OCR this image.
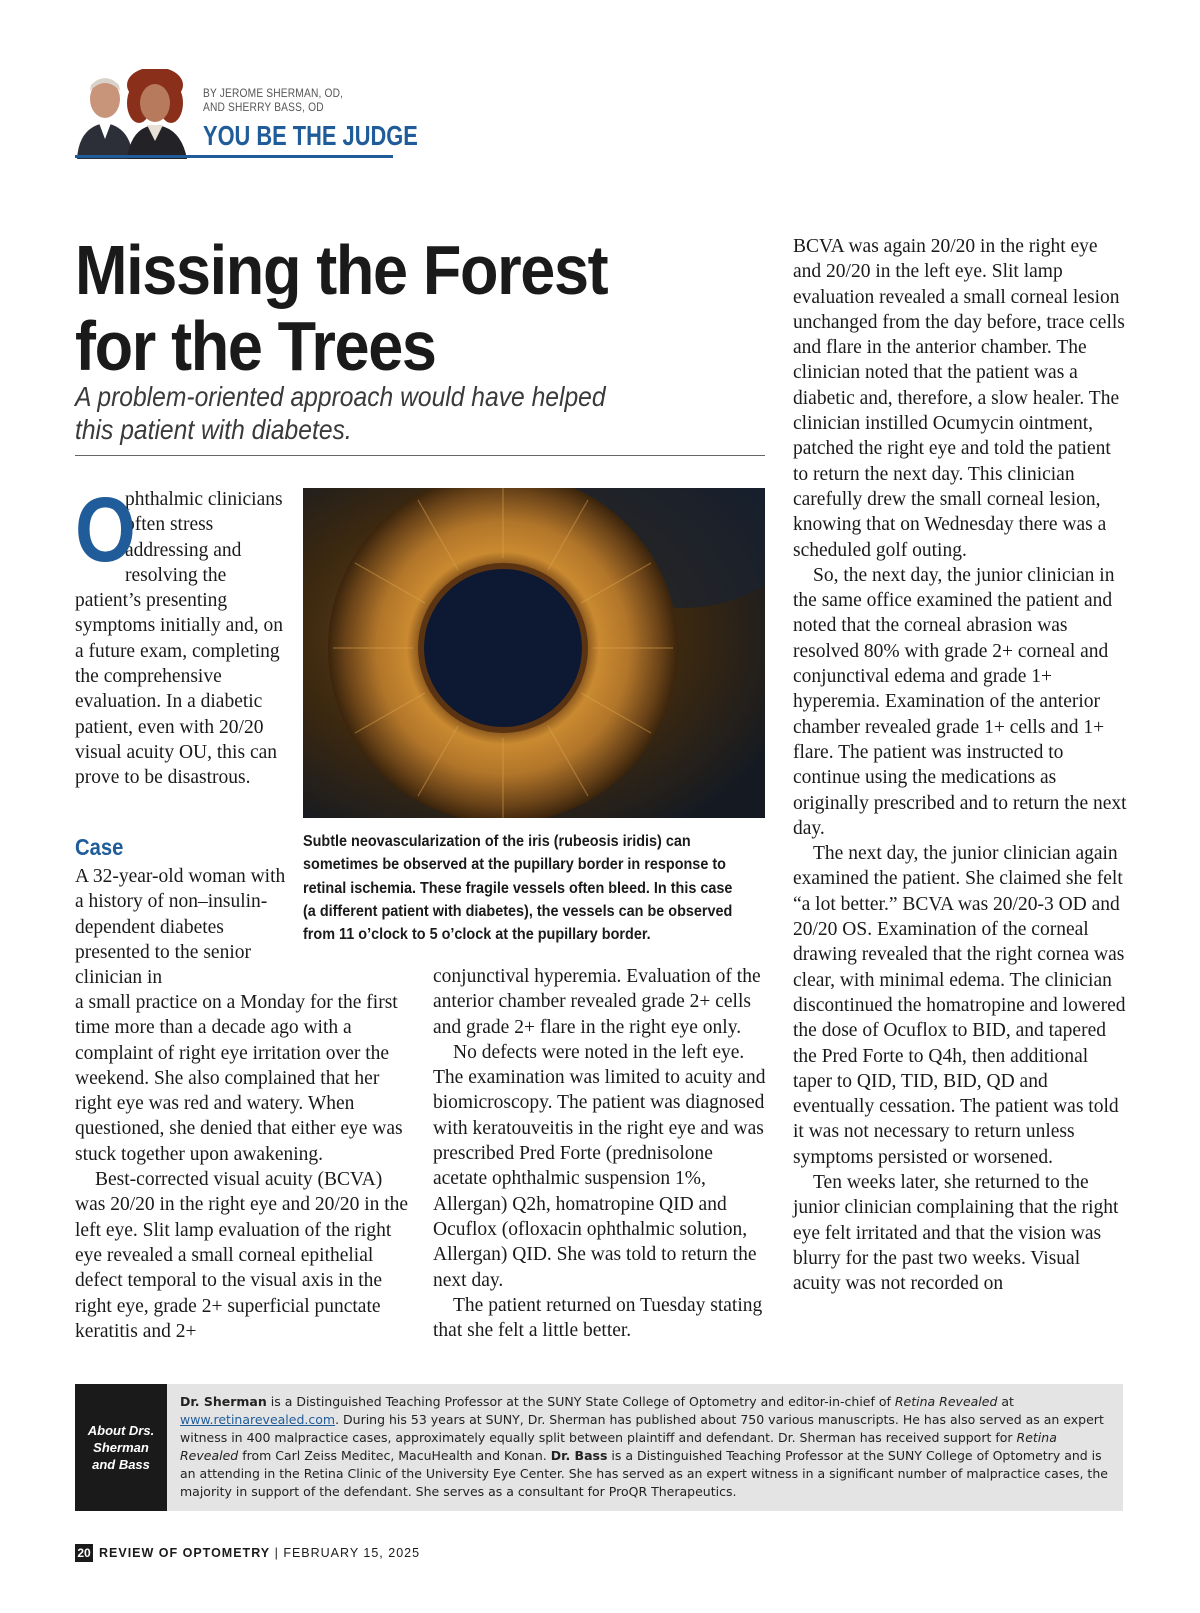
BY JEROME SHERMAN, OD,
AND SHERRY BASS, OD
YOU BE THE JUDGE
Missing the Forest for the Trees

A problem-oriented approach would have helped this patient with diabetes.

O
phthalmic clinicians often stress addressing and resolving the patient’s presenting symptoms initially and, on a future exam, completing the comprehensive evaluation. In a diabetic patient, even with 20/20 visual acuity OU, this can prove to be disastrous.
Case

A 32-year-old woman with a history of non–insulin-dependent diabetes presented to the senior clinician in

a small practice on a Monday for the first time more than a decade ago with a complaint of right eye irritation over the weekend. She also complained that her right eye was red and watery. When questioned, she denied that either eye was stuck together upon awakening.

Best-corrected visual acuity (BCVA) was 20/20 in the right eye and 20/20 in the left eye. Slit lamp evaluation of the right eye revealed a small corneal epithelial defect temporal to the visual axis in the right eye, grade 2+ superficial punctate keratitis and 2+

Subtle neovascularization of the iris (rubeosis iridis) can sometimes be observed at the pupillary border in response to retinal ischemia. These fragile vessels often bleed. In this case (a different patient with diabetes), the vessels can be observed from 11 o’clock to 5 o’clock at the pupillary border.

conjunctival hyperemia. Evaluation of the anterior chamber revealed grade 2+ cells and grade 2+ flare in the right eye only.

No defects were noted in the left eye. The examination was limited to acuity and biomicroscopy. The patient was diagnosed with keratouveitis in the right eye and was prescribed Pred Forte (prednisolone acetate ophthalmic suspension 1%, Allergan) Q2h, homatropine QID and Ocuflox (ofloxacin ophthalmic solution, Allergan) QID. She was told to return the next day.

The patient returned on Tuesday stating that she felt a little better.

BCVA was again 20/20 in the right eye and 20/20 in the left eye. Slit lamp evaluation revealed a small corneal lesion unchanged from the day before, trace cells and flare in the anterior chamber. The clinician noted that the patient was a diabetic and, therefore, a slow healer. The clinician instilled Ocumycin ointment, patched the right eye and told the patient to return the next day. This clinician carefully drew the small corneal lesion, knowing that on Wednesday there was a scheduled golf outing.

So, the next day, the junior clinician in the same office examined the patient and noted that the corneal abrasion was resolved 80% with grade 2+ corneal and conjunctival edema and grade 1+ hyperemia. Examination of the anterior chamber revealed grade 1+ cells and 1+ flare. The patient was instructed to continue using the medications as originally prescribed and to return the next day.

The next day, the junior clinician again examined the patient. She claimed she felt “a lot better.” BCVA was 20/20-3 OD and 20/20 OS. Examination of the corneal drawing revealed that the right cornea was clear, with minimal edema. The clinician discontinued the homatropine and lowered the dose of Ocuflox to BID, and tapered the Pred Forte to Q4h, then additional taper to QID, TID, BID, QD and eventually cessation. The patient was told it was not necessary to return unless symptoms persisted or worsened.

Ten weeks later, she returned to the junior clinician complaining that the right eye felt irritated and that the vision was blurry for the past two weeks. Visual acuity was not recorded on

About Drs. Sherman and Bass

Dr. Sherman is a Distinguished Teaching Professor at the SUNY State College of Optometry and editor-in-chief of Retina Revealed at www.retinarevealed.com. During his 53 years at SUNY, Dr. Sherman has published about 750 various manuscripts. He has also served as an expert witness in 400 malpractice cases, approximately equally split between plaintiff and defendant. Dr. Sherman has received support for Retina Revealed from Carl Zeiss Meditec, MacuHealth and Konan. Dr. Bass is a Distinguished Teaching Professor at the SUNY College of Optometry and is an attending in the Retina Clinic of the University Eye Center. She has served as an expert witness in a significant number of malpractice cases, the majority in support of the defendant. She serves as a consultant for ProQR Therapeutics.

20 REVIEW OF OPTOMETRY | FEBRUARY 15, 2025
